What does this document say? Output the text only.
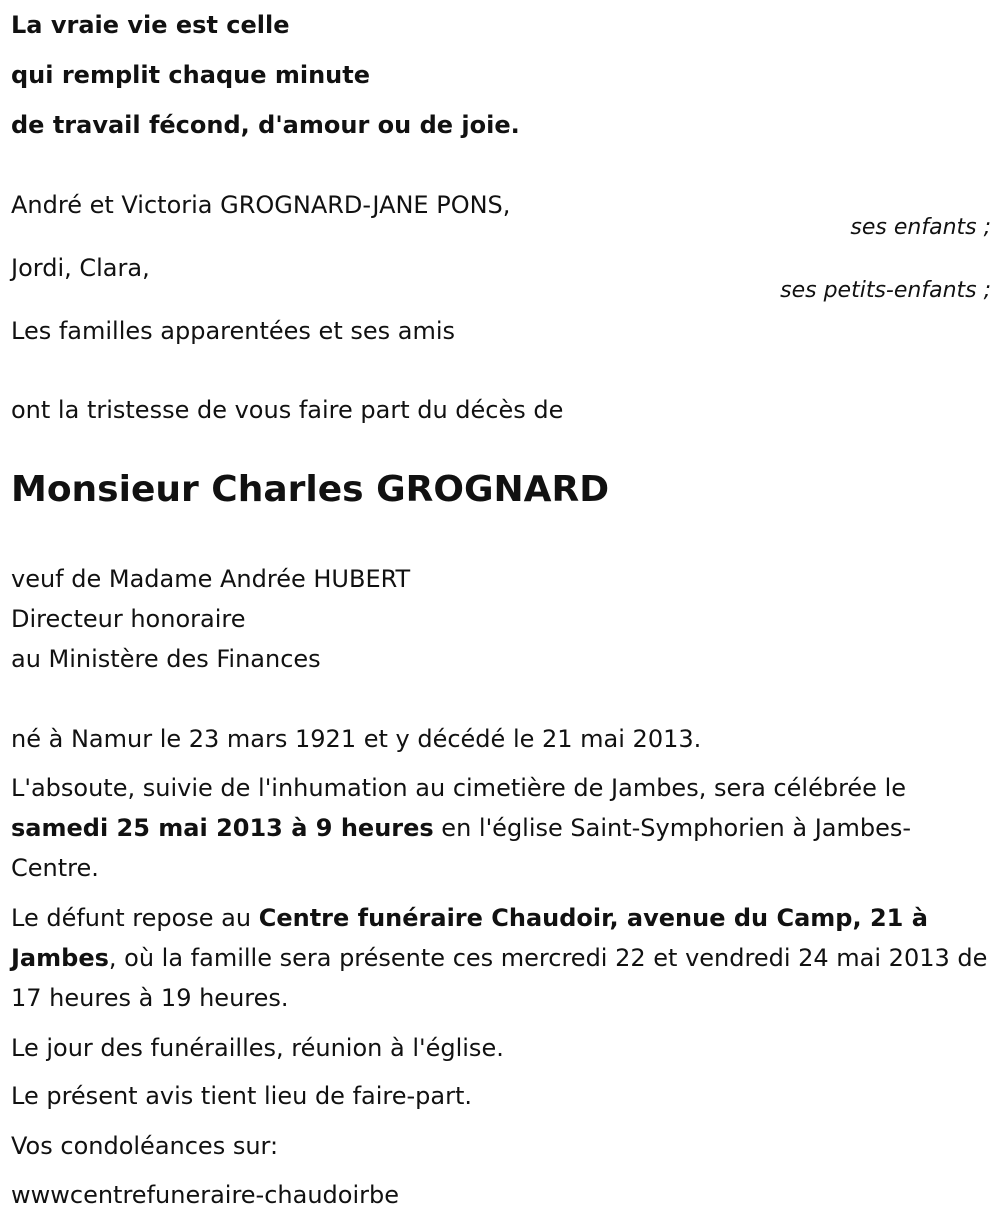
La vraie vie est celle
qui remplit chaque minute
de travail fécond, d'amour ou de joie.
André et Victoria GROGNARD-JANE PONS,
ses enfants ;
Jordi, Clara,
ses petits-enfants ;
Les familles apparentées et ses amis
ont la tristesse de vous faire part du décès de
Monsieur Charles GROGNARD
veuf de Madame Andrée HUBERT
Directeur honoraire
au Ministère des Finances
né à Namur le 23 mars 1921 et y décédé le 21 mai 2013.
L'absoute, suivie de l'inhumation au cimetière de Jambes, sera célébrée le samedi 25 mai 2013 à 9 heures en l'église Saint-Symphorien à Jambes-Centre.
Le défunt repose au Centre funéraire Chaudoir, avenue du Camp, 21 à Jambes, où la famille sera présente ces mercredi 22 et vendredi 24 mai 2013 de 17 heures à 19 heures.
Le jour des funérailles, réunion à l'église.
Le présent avis tient lieu de faire-part.
Vos condoléances sur:
wwwcentrefuneraire-chaudoirbe
